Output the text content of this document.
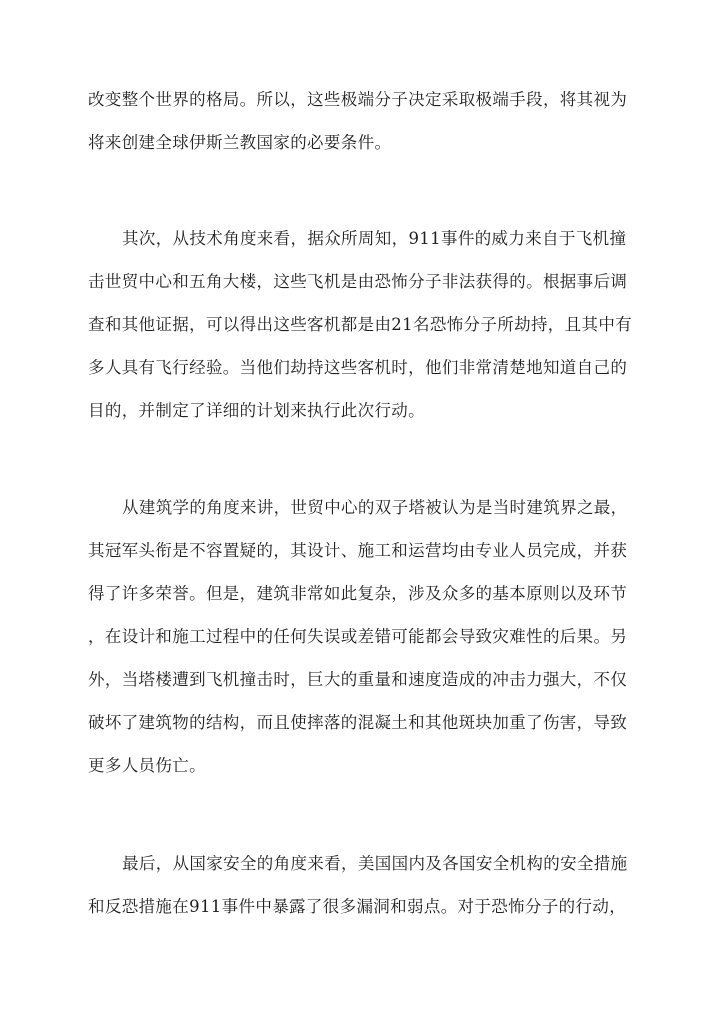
改变整个世界的格局。所以，这些极端分子决定采取极端手段，将其视为
将来创建全球伊斯兰教国家的必要条件。
其次，从技术角度来看，据众所周知，911事件的威力来自于飞机撞
击世贸中心和五角大楼，这些飞机是由恐怖分子非法获得的。根据事后调
查和其他证据，可以得出这些客机都是由21名恐怖分子所劫持，且其中有
多人具有飞行经验。当他们劫持这些客机时，他们非常清楚地知道自己的
目的，并制定了详细的计划来执行此次行动。
从建筑学的角度来讲，世贸中心的双子塔被认为是当时建筑界之最，
其冠军头衔是不容置疑的，其设计、施工和运营均由专业人员完成，并获
得了许多荣誉。但是，建筑非常如此复杂，涉及众多的基本原则以及环节
，在设计和施工过程中的任何失误或差错可能都会导致灾难性的后果。另
外，当塔楼遭到飞机撞击时，巨大的重量和速度造成的冲击力强大，不仅
破坏了建筑物的结构，而且使摔落的混凝土和其他斑块加重了伤害，导致
更多人员伤亡。
最后，从国家安全的角度来看，美国国内及各国安全机构的安全措施
和反恐措施在911事件中暴露了很多漏洞和弱点。对于恐怖分子的行动，
